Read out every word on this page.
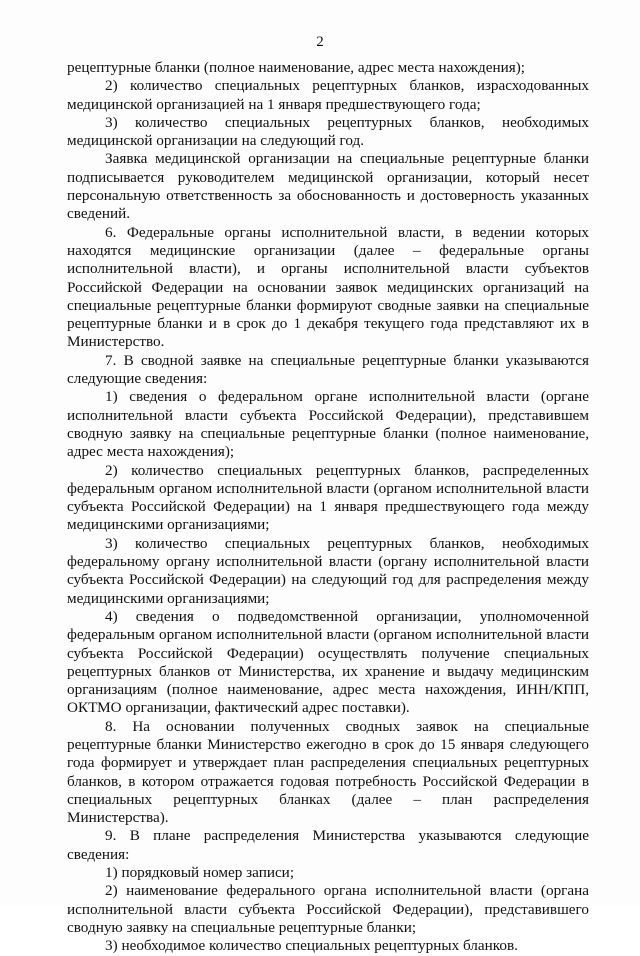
2

рецептурные бланки (полное наименование, адрес места нахождения);

2) количество специальных рецептурных бланков, израсходованных медицинской организацией на 1 января предшествующего года;

3) количество специальных рецептурных бланков, необходимых медицинской организации на следующий год.

Заявка медицинской организации на специальные рецептурные бланки подписывается руководителем медицинской организации, который несет персональную ответственность за обоснованность и достоверность указанных сведений.

6. Федеральные органы исполнительной власти, в ведении которых находятся медицинские организации (далее – федеральные органы исполнительной власти), и органы исполнительной власти субъектов Российской Федерации на основании заявок медицинских организаций на специальные рецептурные бланки формируют сводные заявки на специальные рецептурные бланки и в срок до 1 декабря текущего года представляют их в Министерство.

7. В сводной заявке на специальные рецептурные бланки указываются следующие сведения:

1) сведения о федеральном органе исполнительной власти (органе исполнительной власти субъекта Российской Федерации), представившем сводную заявку на специальные рецептурные бланки (полное наименование, адрес места нахождения);

2) количество специальных рецептурных бланков, распределенных федеральным органом исполнительной власти (органом исполнительной власти субъекта Российской Федерации) на 1 января предшествующего года между медицинскими организациями;

3) количество специальных рецептурных бланков, необходимых федеральному органу исполнительной власти (органу исполнительной власти субъекта Российской Федерации) на следующий год для распределения между медицинскими организациями;

4) сведения о подведомственной организации, уполномоченной федеральным органом исполнительной власти (органом исполнительной власти субъекта Российской Федерации) осуществлять получение специальных рецептурных бланков от Министерства, их хранение и выдачу медицинским организациям (полное наименование, адрес места нахождения, ИНН/КПП, ОКТМО организации, фактический адрес поставки).

8. На основании полученных сводных заявок на специальные рецептурные бланки Министерство ежегодно в срок до 15 января следующего года формирует и утверждает план распределения специальных рецептурных бланков, в котором отражается годовая потребность Российской Федерации в специальных рецептурных бланках (далее – план распределения Министерства).

9. В плане распределения Министерства указываются следующие сведения:

1) порядковый номер записи;

2) наименование федерального органа исполнительной власти (органа исполнительной власти субъекта Российской Федерации), представившего сводную заявку на специальные рецептурные бланки;

3) необходимое количество специальных рецептурных бланков.
